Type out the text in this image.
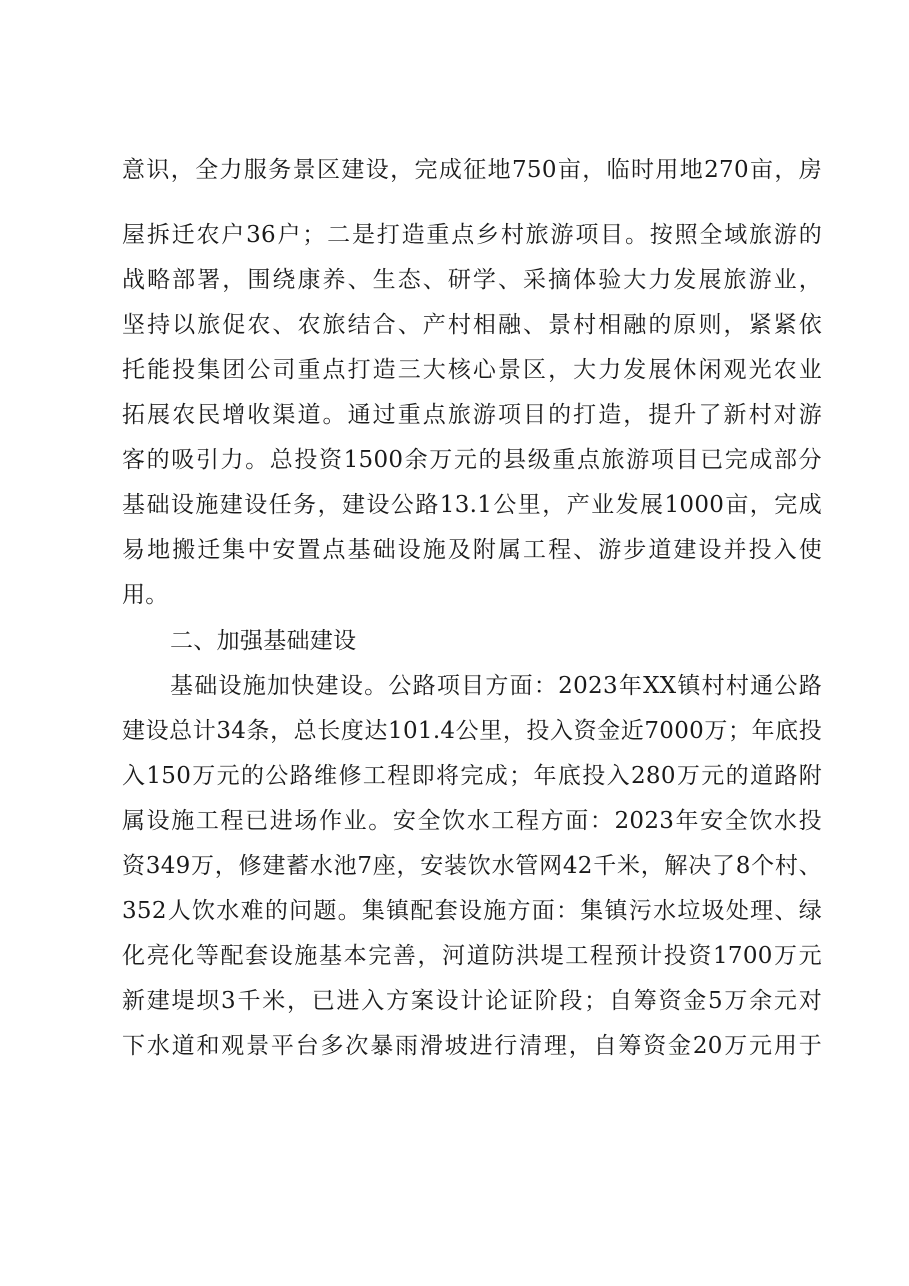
意识，全力服务景区建设，完成征地750亩，临时用地270亩，房
屋拆迁农户36户；二是打造重点乡村旅游项目。按照全域旅游的
战略部署，围绕康养、生态、研学、采摘体验大力发展旅游业，
坚持以旅促农、农旅结合、产村相融、景村相融的原则，紧紧依
托能投集团公司重点打造三大核心景区，大力发展休闲观光农业
拓展农民增收渠道。通过重点旅游项目的打造，提升了新村对游
客的吸引力。总投资1500余万元的县级重点旅游项目已完成部分
基础设施建设任务，建设公路13.1公里，产业发展1000亩，完成
易地搬迁集中安置点基础设施及附属工程、游步道建设并投入使
用。
二、加强基础建设
基础设施加快建设。公路项目方面：2023年XX镇村村通公路
建设总计34条，总长度达101.4公里，投入资金近7000万；年底投
入150万元的公路维修工程即将完成；年底投入280万元的道路附
属设施工程已进场作业。安全饮水工程方面：2023年安全饮水投
资349万，修建蓄水池7座，安装饮水管网42千米，解决了8个村、
352人饮水难的问题。集镇配套设施方面：集镇污水垃圾处理、绿
化亮化等配套设施基本完善，河道防洪堤工程预计投资1700万元
新建堤坝3千米，已进入方案设计论证阶段；自筹资金5万余元对
下水道和观景平台多次暴雨滑坡进行清理，自筹资金20万元用于
